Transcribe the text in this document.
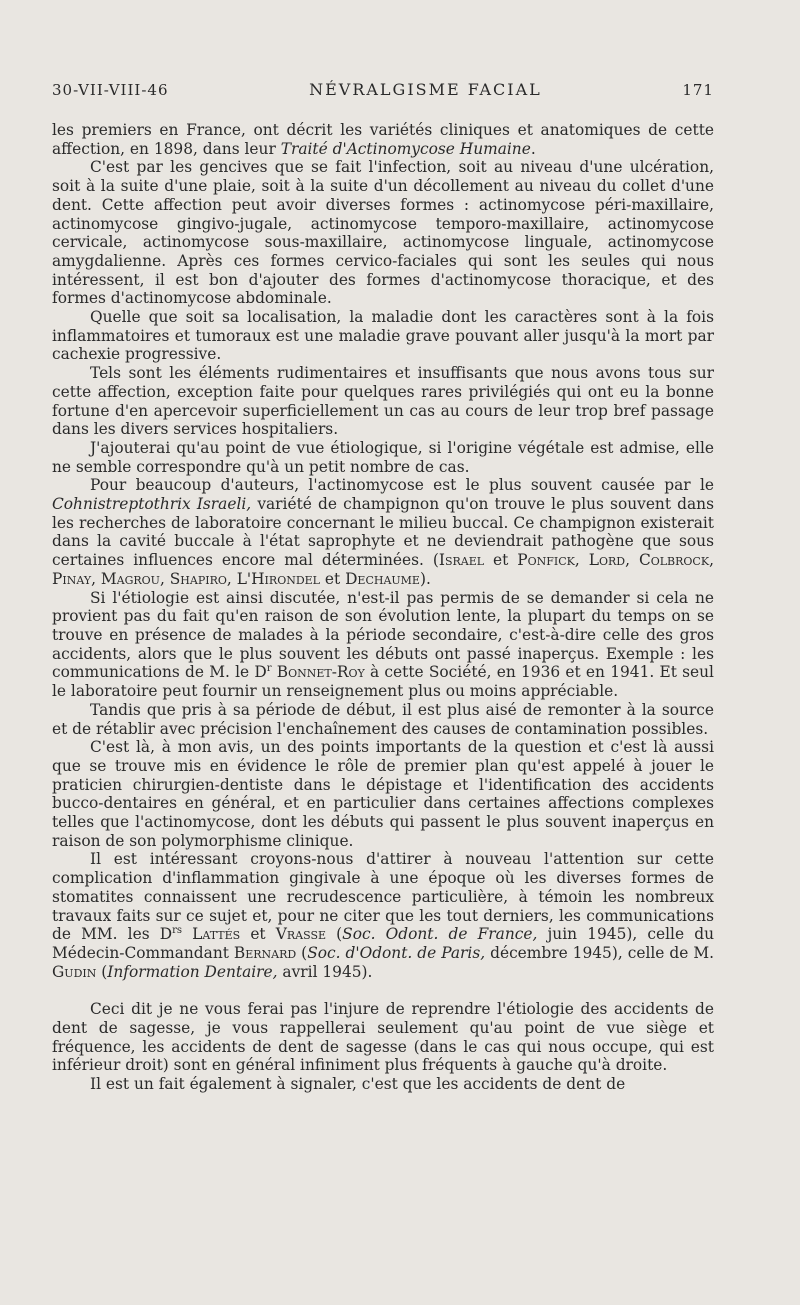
30-VII-VIII-46	NÉVRALGISME FACIAL	171

les premiers en France, ont décrit les variétés cliniques et anatomiques de cette affection, en 1898, dans leur Traité d'Actinomycose Humaine.

C'est par les gencives que se fait l'infection, soit au niveau d'une ulcération, soit à la suite d'une plaie, soit à la suite d'un décollement au niveau du collet d'une dent. Cette affection peut avoir diverses formes : actinomycose péri-maxillaire, actinomycose gingivo-jugale, actinomycose temporo-maxillaire, actinomycose cervicale, actinomycose sous-maxillaire, actinomycose linguale, actinomycose amygdalienne. Après ces formes cervico-faciales qui sont les seules qui nous intéressent, il est bon d'ajouter des formes d'actinomycose thoracique, et des formes d'actinomycose abdominale.

Quelle que soit sa localisation, la maladie dont les caractères sont à la fois inflammatoires et tumoraux est une maladie grave pouvant aller jusqu'à la mort par cachexie progressive.

Tels sont les éléments rudimentaires et insuffisants que nous avons tous sur cette affection, exception faite pour quelques rares privilégiés qui ont eu la bonne fortune d'en apercevoir superficiellement un cas au cours de leur trop bref passage dans les divers services hospitaliers.

J'ajouterai qu'au point de vue étiologique, si l'origine végétale est admise, elle ne semble correspondre qu'à un petit nombre de cas.

Pour beaucoup d'auteurs, l'actinomycose est le plus souvent causée par le Cohnistreptothrix Israeli, variété de champignon qu'on trouve le plus souvent dans les recherches de laboratoire concernant le milieu buccal. Ce champignon existerait dans la cavité buccale à l'état saprophyte et ne deviendrait pathogène que sous certaines influences encore mal déterminées. (Israel et Ponfick, Lord, Colbrock, Pinay, Magrou, Shapiro, L'Hirondel et Dechaume).

Si l'étiologie est ainsi discutée, n'est-il pas permis de se demander si cela ne provient pas du fait qu'en raison de son évolution lente, la plupart du temps on se trouve en présence de malades à la période secondaire, c'est-à-dire celle des gros accidents, alors que le plus souvent les débuts ont passé inaperçus. Exemple : les communications de M. le $D^r$ Bonnet-Roy à cette Société, en 1936 et en 1941. Et seul le laboratoire peut fournir un renseignement plus ou moins appréciable.

Tandis que pris à sa période de début, il est plus aisé de remonter à la source et de rétablir avec précision l'enchaînement des causes de contamination possibles.

C'est là, à mon avis, un des points importants de la question et c'est là aussi que se trouve mis en évidence le rôle de premier plan qu'est appelé à jouer le praticien chirurgien-dentiste dans le dépistage et l'identification des accidents bucco-dentaires en général, et en particulier dans certaines affections complexes telles que l'actinomycose, dont les débuts qui passent le plus souvent inaperçus en raison de son polymorphisme clinique.

Il est intéressant croyons-nous d'attirer à nouveau l'attention sur cette complication d'inflammation gingivale à une époque où les diverses formes de stomatites connaissent une recrudescence particulière, à témoin les nombreux travaux faits sur ce sujet et, pour ne citer que les tout derniers, les communications de MM. les $D^{rs}$ Lattés et Vrasse (Soc. Odont. de France, juin 1945), celle du Médecin-Commandant Bernard (Soc. d'Odont. de Paris, décembre 1945), celle de M. Gudin (Information Dentaire, avril 1945).

Ceci dit je ne vous ferai pas l'injure de reprendre l'étiologie des accidents de dent de sagesse, je vous rappellerai seulement qu'au point de vue siège et fréquence, les accidents de dent de sagesse (dans le cas qui nous occupe, qui est inférieur droit) sont en général infiniment plus fréquents à gauche qu'à droite.

Il est un fait également à signaler, c'est que les accidents de dent de
